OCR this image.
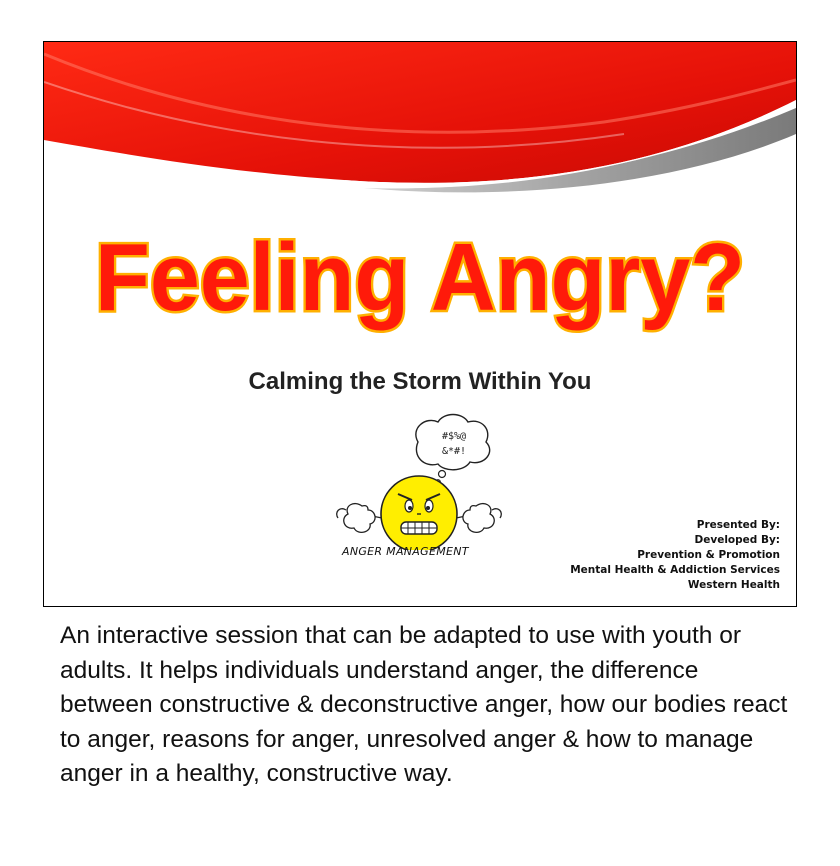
Feeling Angry?
Calming the Storm Within You
#$%@
&*#!
ANGER MANAGEMENT
Presented By:
Developed By:
Prevention & Promotion
Mental Health & Addiction Services
Western Health
An interactive session that can be adapted to use with youth or adults. It helps individuals understand anger, the difference between constructive & deconstructive anger, how our bodies react to anger, reasons for anger, unresolved anger & how to manage anger in a healthy, constructive way.
